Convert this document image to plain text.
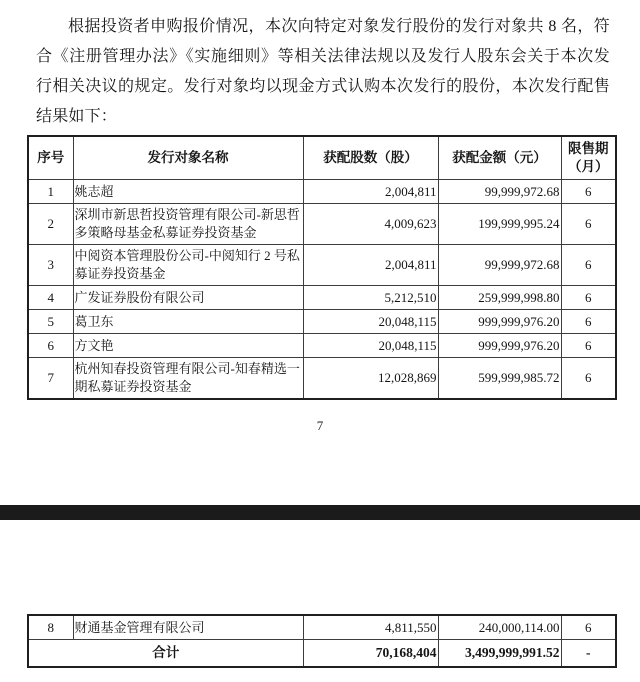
根据投资者申购报价情况，本次向特定对象发行股份的发行对象共 8 名，符合《注册管理办法》《实施细则》等相关法律法规以及发行人股东会关于本次发行相关决议的规定。发行对象均以现金方式认购本次发行的股份，本次发行配售结果如下：

序号	发行对象名称	获配股数（股）	获配金额（元）	限售期（月）
1	姚志超	2,004,811	99,999,972.68	6
2	深圳市新思哲投资管理有限公司-新思哲多策略母基金私募证券投资基金	4,009,623	199,999,995.24	6
3	中阅资本管理股份公司-中阅知行 2 号私募证券投资基金	2,004,811	99,999,972.68	6
4	广发证券股份有限公司	5,212,510	259,999,998.80	6
5	葛卫东	20,048,115	999,999,976.20	6
6	方文艳	20,048,115	999,999,976.20	6
7	杭州知春投资管理有限公司-知春精选一期私募证券投资基金	12,028,869	599,999,985.72	6
7
8	财通基金管理有限公司	4,811,550	240,000,114.00	6
合计		70,168,404	3,499,999,991.52	-
